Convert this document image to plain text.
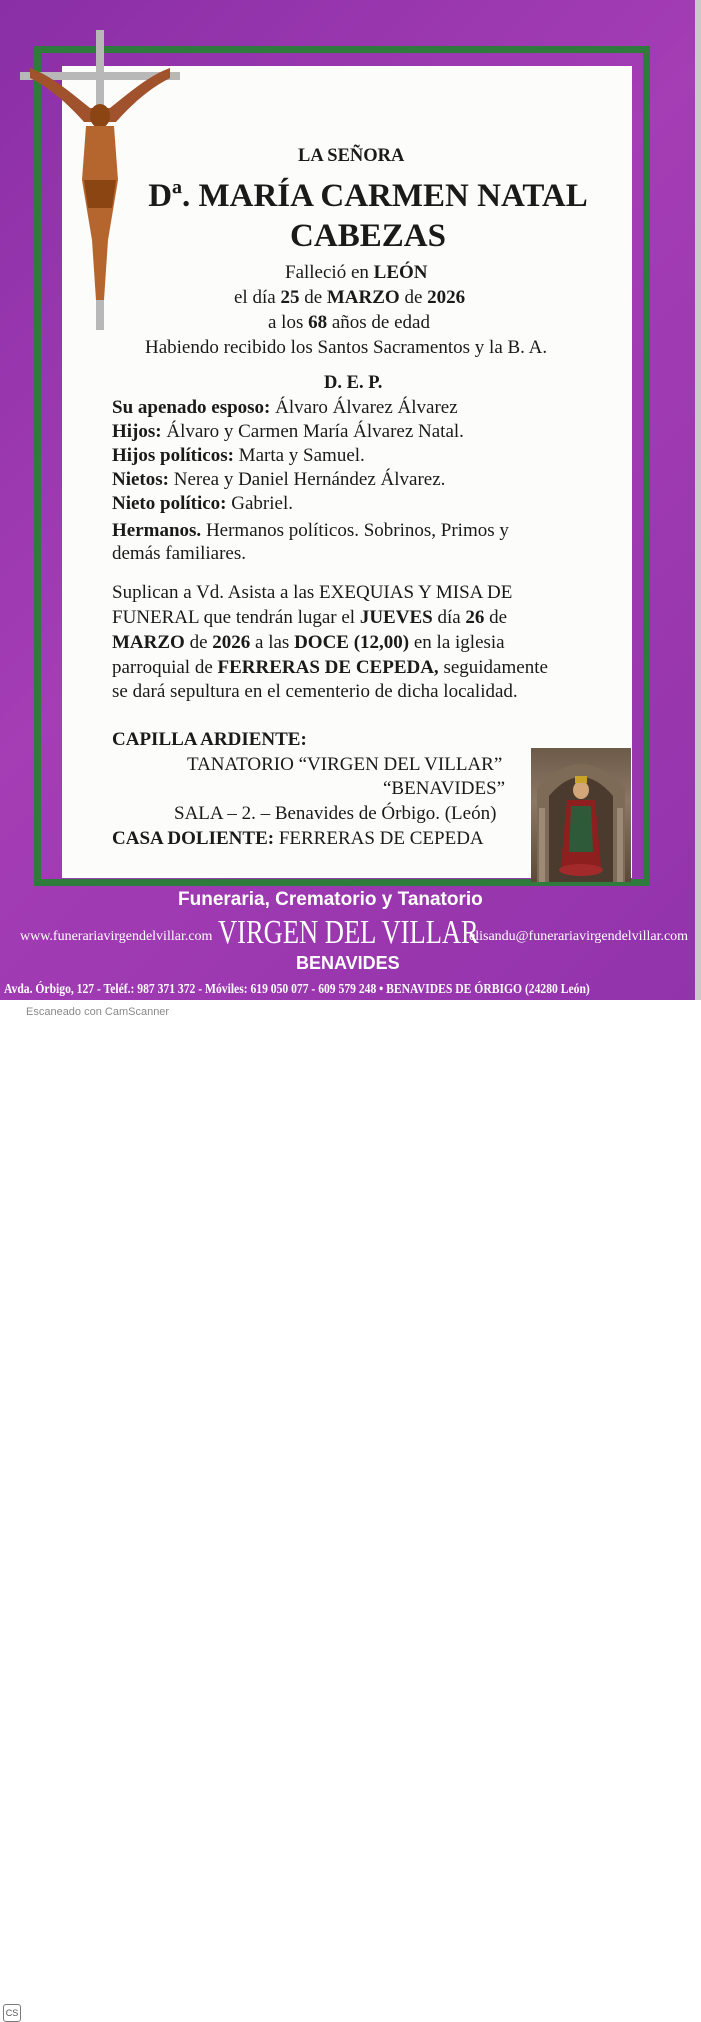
LA SEÑORA
Dª. MARÍA CARMEN NATAL
CABEZAS
Falleció en LEÓN
el día 25 de MARZO de 2026
a los 68 años de edad
Habiendo recibido los Santos Sacramentos y la B. A.
D. E. P.
Su apenado esposo: Álvaro Álvarez Álvarez
Hijos: Álvaro y Carmen María Álvarez Natal.
Hijos políticos: Marta y Samuel.
Nietos: Nerea y Daniel Hernández Álvarez.
Nieto político: Gabriel.
Hermanos. Hermanos políticos. Sobrinos, Primos y
demás familiares.
Suplican a Vd. Asista a las EXEQUIAS Y MISA DE
FUNERAL que tendrán lugar el JUEVES día 26 de
MARZO de 2026 a las DOCE (12,00) en la iglesia
parroquial de FERRERAS DE CEPEDA, seguidamente
se dará sepultura en el cementerio de dicha localidad.
CAPILLA ARDIENTE:
TANATORIO “VIRGEN DEL VILLAR”
“BENAVIDES”
SALA – 2. – Benavides de Órbigo. (León)
CASA DOLIENTE: FERRERAS DE CEPEDA
Funeraria, Crematorio y Tanatorio
www.funerariavirgendelvillar.com VIRGEN DEL VILLAR
elisandu@funerariavirgendelvillar.com
BENAVIDES
Avda. Órbigo, 127 - Teléf.: 987 371 372 - Móviles: 619 050 077 - 609 579 248 • BENAVIDES DE ÓRBIGO (24280 León)
CS
Escaneado con CamScanner
